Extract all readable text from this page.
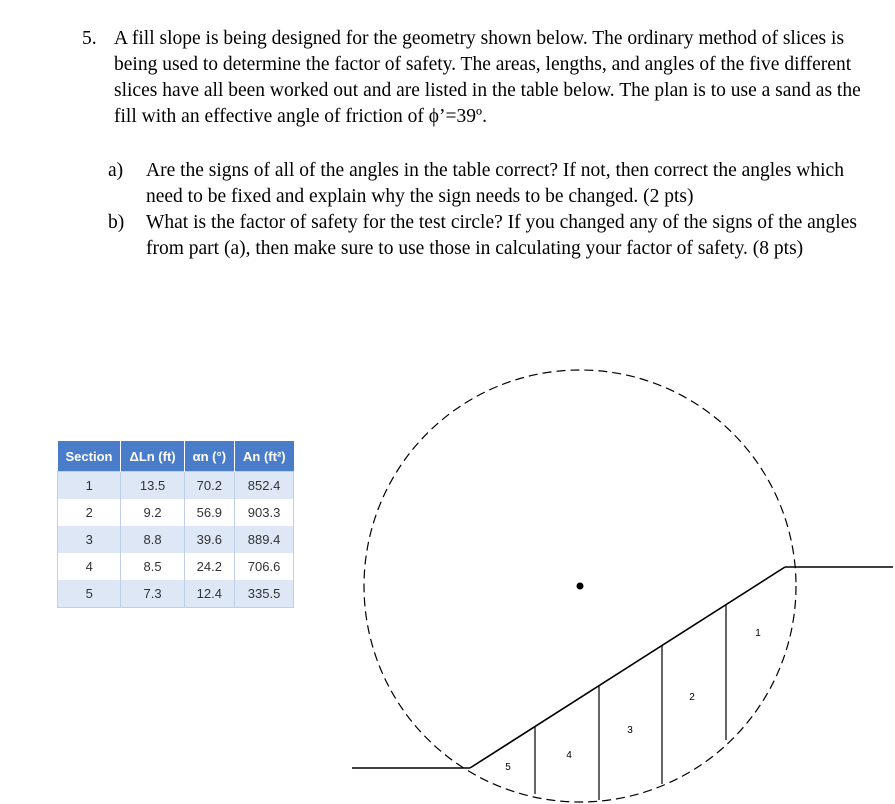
5. A fill slope is being designed for the geometry shown below. The ordinary method of slices is being used to determine the factor of safety. The areas, lengths, and angles of the five different slices have all been worked out and are listed in the table below. The plan is to use a sand as the fill with an effective angle of friction of ϕ’=39º.
a) Are the signs of all of the angles in the table correct? If not, then correct the angles which need to be fixed and explain why the sign needs to be changed. (2 pts)
b) What is the factor of safety for the test circle? If you changed any of the signs of the angles from part (a), then make sure to use those in calculating your factor of safety. (8 pts)
Section	ΔLn (ft)	αn (°)	An (ft²)
1	13.5	70.2	852.4
2	9.2	56.9	903.3
3	8.8	39.6	889.4
4	8.5	24.2	706.6
5	7.3	12.4	335.5
1
2
3
4
5
